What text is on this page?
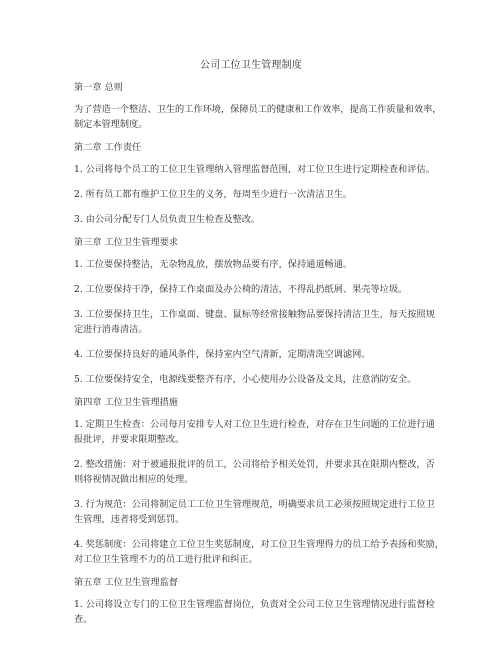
公司工位卫生管理制度
第一章 总则
为了营造一个整洁、卫生的工作环境，保障员工的健康和工作效率，提高工作质量和效率，
制定本管理制度。
第二章 工作责任
1. 公司将每个员工的工位卫生管理纳入管理监督范围，对工位卫生进行定期检查和评估。
2. 所有员工都有维护工位卫生的义务，每周至少进行一次清洁卫生。
3. 由公司分配专门人员负责卫生检查及整改。
第三章 工位卫生管理要求
1. 工位要保持整洁，无杂物乱放，摆放物品要有序，保持通道畅通。
2. 工位要保持干净，保持工作桌面及办公椅的清洁，不得乱扔纸屑、果壳等垃圾。
3. 工位要保持卫生，工作桌面、键盘、鼠标等经常接触物品要保持清洁卫生，每天按照规
定进行消毒清洁。
4. 工位要保持良好的通风条件，保持室内空气清新，定期清洗空调滤网。
5. 工位要保持安全，电源线要整齐有序，小心使用办公设备及文具，注意消防安全。
第四章 工位卫生管理措施
1. 定期卫生检查：公司每月安排专人对工位卫生进行检查，对存在卫生问题的工位进行通
报批评，并要求限期整改。
2. 整改措施：对于被通报批评的员工，公司将给予相关处罚，并要求其在限期内整改，否
则将视情况做出相应的处理。
3. 行为规范：公司将制定员工工位卫生管理规范，明确要求员工必须按照规定进行工位卫
生管理，违者将受到惩罚。
4. 奖惩制度：公司将建立工位卫生奖惩制度，对工位卫生管理得力的员工给予表扬和奖励，
对工位卫生管理不力的员工进行批评和纠正。
第五章 工位卫生管理监督
1. 公司将设立专门的工位卫生管理监督岗位，负责对全公司工位卫生管理情况进行监督检
查。
